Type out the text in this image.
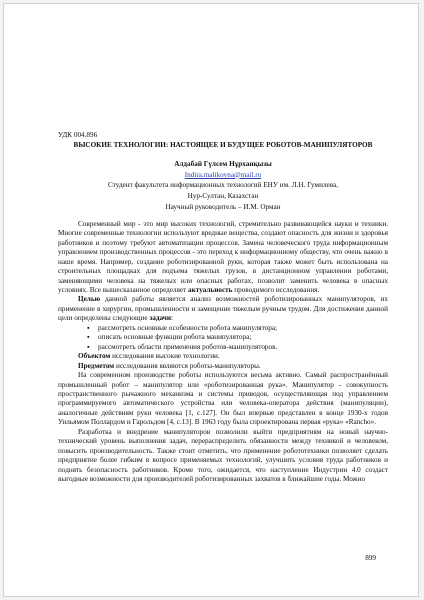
УДК 004.896
ВЫСОКИЕ ТЕХНОЛОГИИ: НАСТОЯЩЕЕ И БУДУЩЕЕ РОБОТОВ-МАНИПУЛЯТОРОВ
Алдабай Гүлсем Нұрханқызы
Indira.malikovna@mail.ru
Студент факультета информационных технологий ЕНУ им. Л.Н. Гумилева,
Нур-Султан, Казахстан
Научный руководитель – И.М. Орман

Современный мир - это мир высоких технологий, стремительно развивающейся науки и техники. Многие современные технологии используют вредные вещества, создают опасность для жизни и здоровья работников и поэтому требуют автоматизации процессов. Замена человеческого труда информационным управлением производственных процессов - это переход к информационному обществу, что очень важно в наше время. Например, создание роботизированной руки, которая также может быть использована на строительных площадках для подъема тяжелых грузов, в дистанционном управлении роботами, заменяющими человека на тяжелых или опасных работах, позволит заменить человека в опасных условиях. Все вышесказанное определяет актуальность проводимого исследования.

Целью данной работы является анализ возможностей роботизированных манипуляторов, их применение в хирургии, промышленности и замещение тяжелым ручным трудом. Для достижения данной цели определены следующие задачи:

▪ рассмотреть основные особенности робота манипулятора;
▪ описать основные функции робота манипулятора;
▪ рассмотреть области применения роботов-манипуляторов.

Объектом исследования высокие технологии.

Предметом исследования являются роботы-манипуляторы.

На современном производстве роботы используются весьма активно. Самый распространённый промышленный робот – манипулятор или «роботизированная рука». Манипулятор - совокупность пространственного рычажного механизма и системы приводов, осуществляющая под управлением программируемого автоматического устройства или человека-оператора действия (манипуляции), аналогичные действиям руки человека [1, с.127]. Он был впервые представлен в конце 1930-х годов Уильямом Поллардом и Гарольдом [4, с.13]. В 1963 году была спроектирована первая «рука» «Rancho».

Разработка и внедрение манипуляторов позволили выйти предприятиям на новый научно-технический уровень выполнения задач, перераспределить обязанности между техникой и человеком, повысить производительность. Также стоит отметить, что применение робототехники позволяет сделать предприятие более гибким в вопросе применяемых технологий, улучшить условия труда работников и поднять безопасность работников. Кроме того, ожидается, что наступление Индустрии 4.0 создаст выгодные возможности для производителей роботизированных захватов в ближайшие годы. Можно

899
